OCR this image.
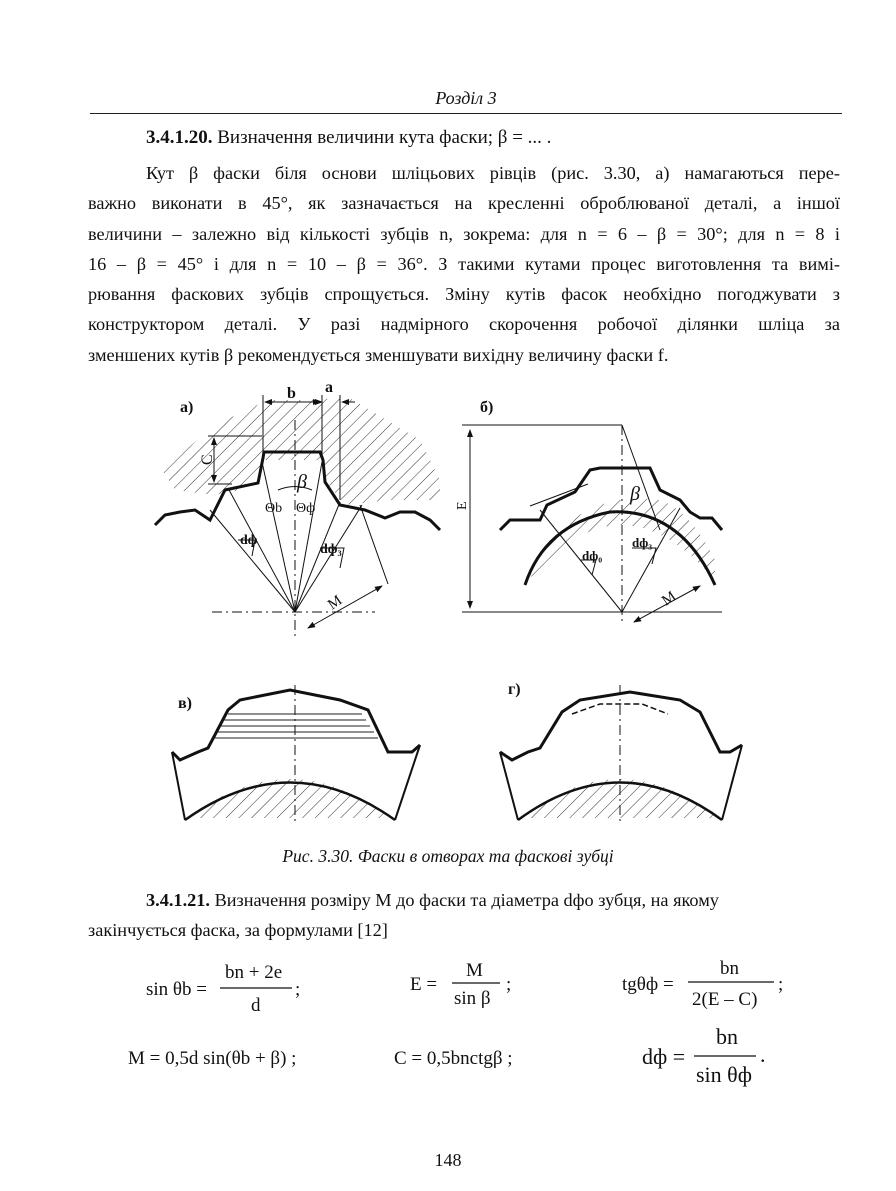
Розділ 3
3.4.1.20. Визначення величини кута фаски; β = ... .
Кут β фаски біля основи шліцьових рівців (рис. 3.30, а) намагаються пере-
важно виконати в 45°, як зазначається на кресленні оброблюваної деталі, а іншої
величини – залежно від кількості зубців n, зокрема: для n = 6 – β = 30°; для n = 8 і
16 – β = 45° і для n = 10 – β = 36°. З такими кутами процес виготовлення та вимі-
рювання фаскових зубців спрощується. Зміну кутів фасок необхідно погоджувати з
конструктором деталі. У разі надмірного скорочення робочої ділянки шліца за
зменшених кутів β рекомендується зменшувати вихідну величину фаски f.
а)	б)
в)
г)
b a
C
E
β
β
Θb Θф
dф
dф₃	dф₀
dф₃
M	M
Рис. 3.30. Фаски в отворах та фаскові зубці
3.4.1.21. Визначення розміру M до фаски та діаметра dфо зубця, на якому
закінчується фаска, за формулами [12]
sin θb =
bn + 2e
d
;	E =
M
sin β
;	tgθф =
bn
2(E – C)
;
M = 0,5d sin(θb + β) ;	C = 0,5bnctgβ ;	dф =
bn
sin θф
.
148
